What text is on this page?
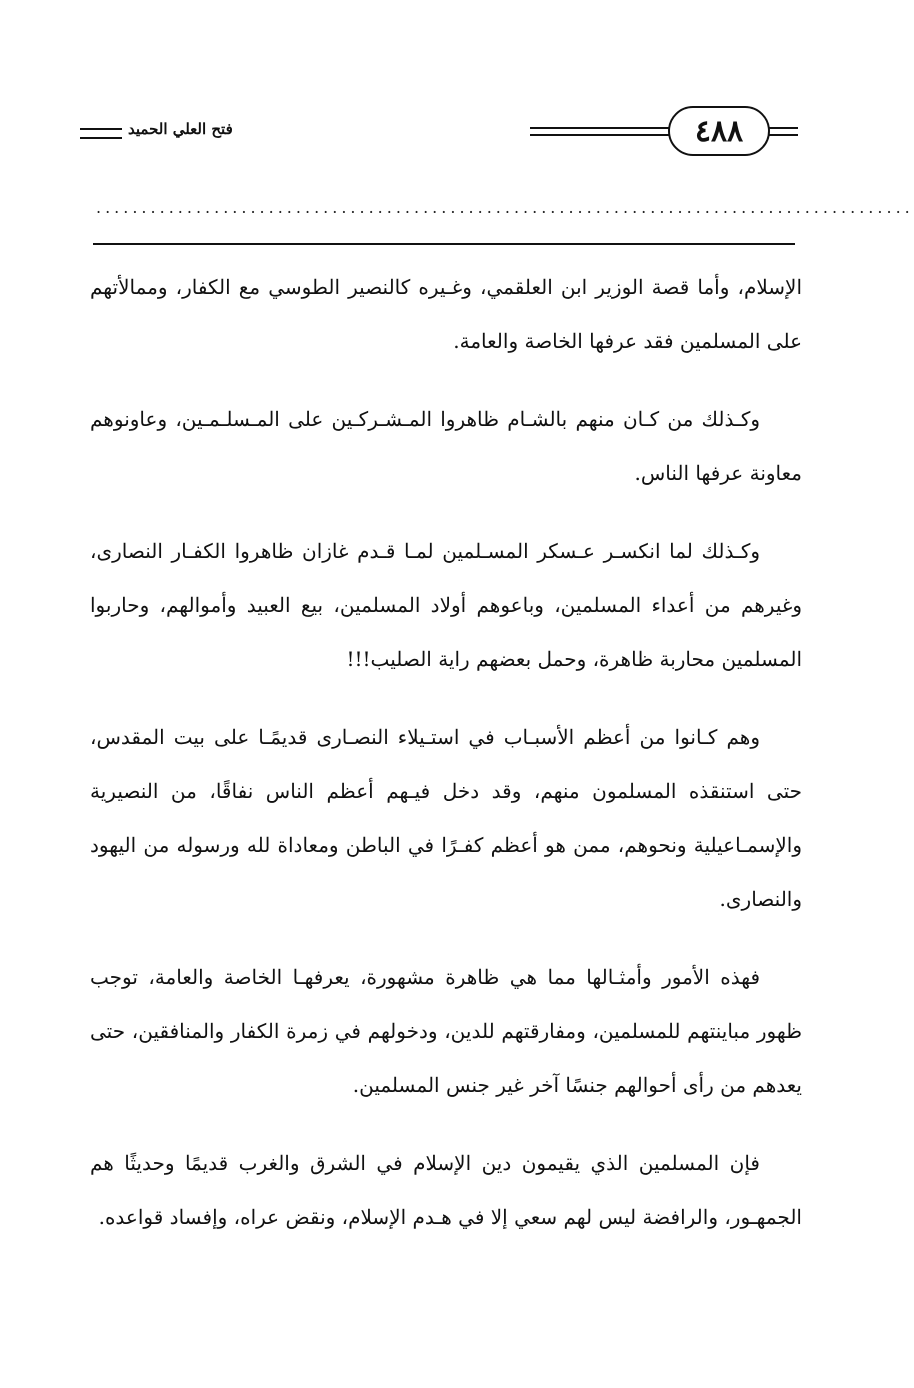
فتح العلي الحميد	٤٨٨
..........................................................................................

الإسلام، وأما قصة الوزير ابن العلقمي، وغـيره كالنصير الطوسي مع الكفار، وممالأتهم على المسلمين فقد عرفها الخاصة والعامة.

وكـذلك من كـان منهم بالشـام ظاهروا المـشـركـين على المـسلـمـين، وعاونوهم معاونة عرفها الناس.

وكـذلك لما انكسـر عـسكر المسـلمين لمـا قـدم غازان ظاهروا الكفـار النصارى، وغيرهم من أعداء المسلمين، وباعوهم أولاد المسلمين، بيع العبيد وأموالهم، وحاربوا المسلمين محاربة ظاهرة، وحمل بعضهم راية الصليب!!!

وهم كـانوا من أعظم الأسبـاب في استـيلاء النصـارى قديمًـا على بيت المقدس، حتى استنقذه المسلمون منهم، وقد دخل فيـهم أعظم الناس نفاقًا، من النصيرية والإسمـاعيلية ونحوهم، ممن هو أعظم كفـرًا في الباطن ومعاداة لله ورسوله من اليهود والنصارى.

فهذه الأمور وأمثـالها مما هي ظاهرة مشهورة، يعرفهـا الخاصة والعامة، توجب ظهور مباينتهم للمسلمين، ومفارقتهم للدين، ودخولهم في زمرة الكفار والمنافقين، حتى يعدهم من رأى أحوالهم جنسًا آخر غير جنس المسلمين.

فإن المسلمين الذي يقيمون دين الإسلام في الشرق والغرب قديمًا وحديثًا هم الجمهـور، والرافضة ليس لهم سعي إلا في هـدم الإسلام، ونقض عراه، وإفساد قواعده.
